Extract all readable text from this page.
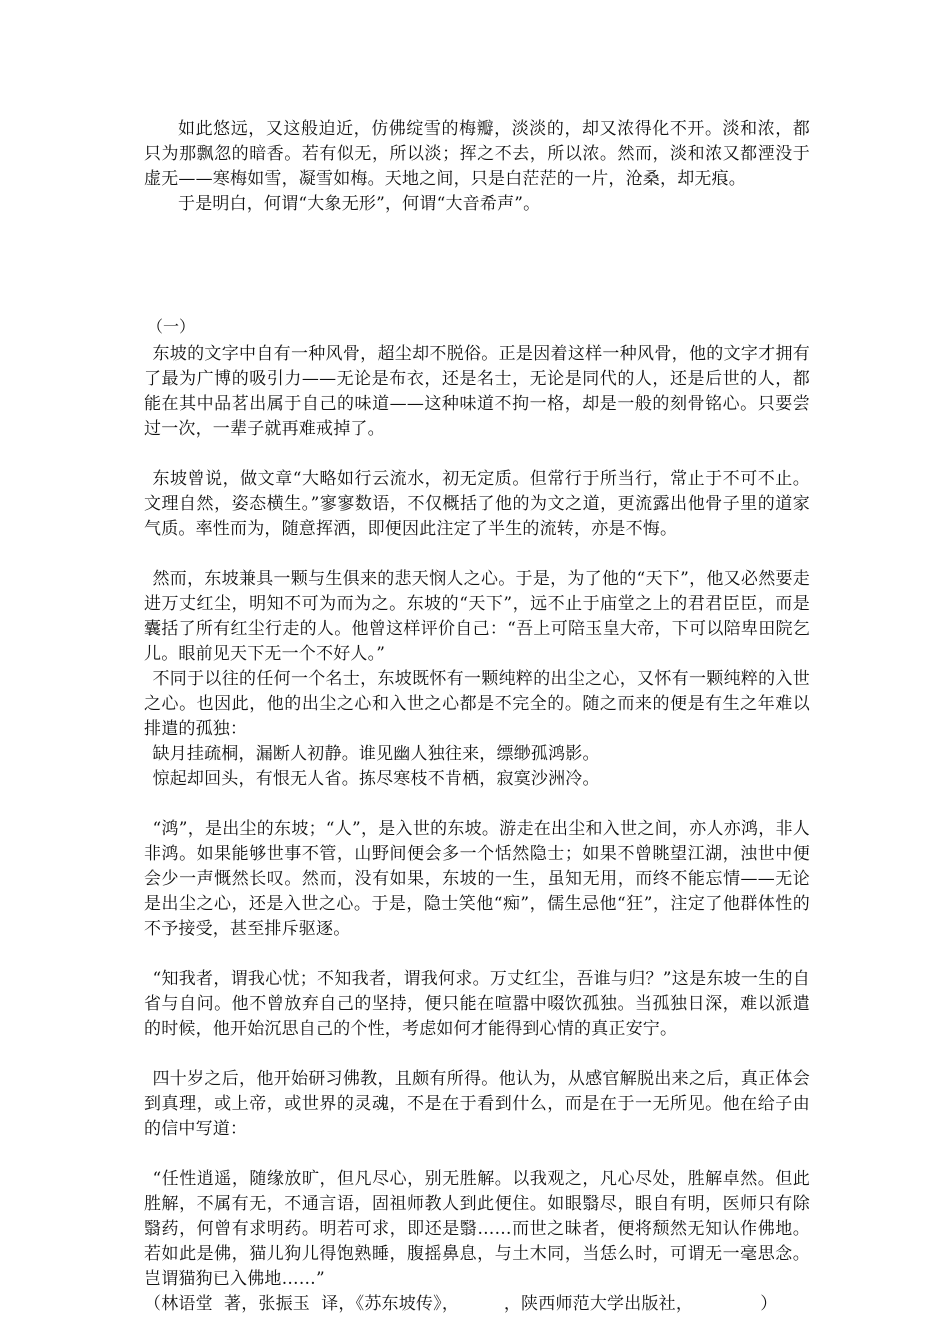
如此悠远，又这般迫近，仿佛绽雪的梅瓣，淡淡的，却又浓得化不开。淡和浓，都只为那飘忽的暗香。若有似无，所以淡；挥之不去，所以浓。然而，淡和浓又都湮没于虚无——寒梅如雪，凝雪如梅。天地之间，只是白茫茫的一片，沧桑，却无痕。

于是明白，何谓“大象无形”，何谓“大音希声”。

（一）

东坡的文字中自有一种风骨，超尘却不脱俗。正是因着这样一种风骨，他的文字才拥有了最为广博的吸引力——无论是布衣，还是名士，无论是同代的人，还是后世的人，都能在其中品茗出属于自己的味道——这种味道不拘一格，却是一般的刻骨铭心。只要尝过一次，一辈子就再难戒掉了。

东坡曾说，做文章“大略如行云流水，初无定质。但常行于所当行，常止于不可不止。文理自然，姿态横生。”寥寥数语，不仅概括了他的为文之道，更流露出他骨子里的道家气质。率性而为，随意挥洒，即便因此注定了半生的流转，亦是不悔。

然而，东坡兼具一颗与生俱来的悲天悯人之心。于是，为了他的“天下”，他又必然要走进万丈红尘，明知不可为而为之。东坡的“天下”，远不止于庙堂之上的君君臣臣，而是囊括了所有红尘行走的人。他曾这样评价自己：“吾上可陪玉皇大帝，下可以陪卑田院乞儿。眼前见天下无一个不好人。”

不同于以往的任何一个名士，东坡既怀有一颗纯粹的出尘之心，又怀有一颗纯粹的入世之心。也因此，他的出尘之心和入世之心都是不完全的。随之而来的便是有生之年难以排遣的孤独：

缺月挂疏桐，漏断人初静。谁见幽人独往来，缥缈孤鸿影。

惊起却回头，有恨无人省。拣尽寒枝不肯栖，寂寞沙洲冷。

“鸿”，是出尘的东坡；“人”，是入世的东坡。游走在出尘和入世之间，亦人亦鸿，非人非鸿。如果能够世事不管，山野间便会多一个恬然隐士；如果不曾眺望江湖，浊世中便会少一声慨然长叹。然而，没有如果，东坡的一生，虽知无用，而终不能忘情——无论是出尘之心，还是入世之心。于是，隐士笑他“痴”，儒生忌他“狂”，注定了他群体性的不予接受，甚至排斥驱逐。

“知我者，谓我心忧；不知我者，谓我何求。万丈红尘，吾谁与归？”这是东坡一生的自省与自问。他不曾放弃自己的坚持，便只能在喧嚣中啜饮孤独。当孤独日深，难以派遣的时候，他开始沉思自己的个性，考虑如何才能得到心情的真正安宁。

四十岁之后，他开始研习佛教，且颇有所得。他认为，从感官解脱出来之后，真正体会到真理，或上帝，或世界的灵魂，不是在于看到什么，而是在于一无所见。他在给子由的信中写道：

“任性逍遥，随缘放旷，但凡尽心，别无胜解。以我观之，凡心尽处，胜解卓然。但此胜解，不属有无，不通言语，固祖师教人到此便住。如眼翳尽，眼自有明，医师只有除翳药，何曾有求明药。明若可求，即还是翳……而世之昧者，便将颓然无知认作佛地。若如此是佛，猫儿狗儿得饱熟睡，腹摇鼻息，与土木同，当恁么时，可谓无一毫思念。岂谓猫狗已入佛地……”

（林语堂  著，张振玉  译，《苏东坡传》，        ，陕西师范大学出版社，            ）
